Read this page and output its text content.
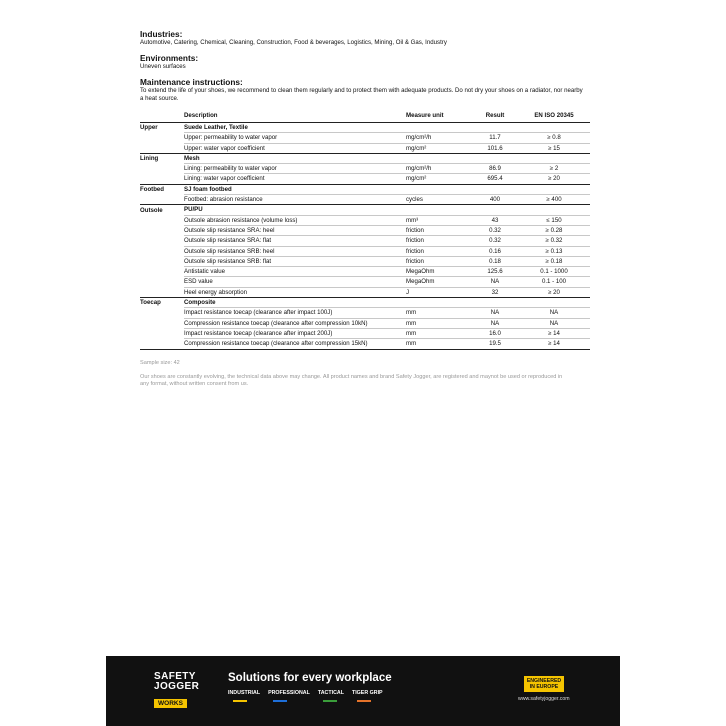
Industries:

Automotive, Catering, Chemical, Cleaning, Construction, Food & beverages, Logistics, Mining, Oil & Gas, Industry

Environments:

Uneven surfaces

Maintenance instructions:

To extend the life of your shoes, we recommend to clean them regularly and to protect them with adequate products. Do not dry your shoes on a radiator, nor nearby a heat source.

	Description	Measure unit	Result	EN ISO 20345
Upper	Suede Leather, Textile			
	Upper: permeability to water vapor	mg/cm²/h	11.7	≥ 0.8
	Upper: water vapor coefficient	mg/cm²	101.6	≥ 15
Lining	Mesh			
	Lining: permeability to water vapor	mg/cm²/h	86.9	≥ 2
	Lining: water vapor coefficient	mg/cm²	695.4	≥ 20
Footbed	SJ foam footbed			
	Footbed: abrasion resistance	cycles	400	≥ 400
Outsole	PU/PU			
	Outsole abrasion resistance (volume loss)	mm³	43	≤ 150
	Outsole slip resistance SRA: heel	friction	0.32	≥ 0.28
	Outsole slip resistance SRA: flat	friction	0.32	≥ 0.32
	Outsole slip resistance SRB: heel	friction	0.16	≥ 0.13
	Outsole slip resistance SRB: flat	friction	0.18	≥ 0.18
	Antistatic value	MegaOhm	125.6	0.1 - 1000
	ESD value	MegaOhm	NA	0.1 - 100
	Heel energy absorption	J	32	≥ 20
Toecap	Composite			
	Impact resistance toecap (clearance after impact 100J)	mm	NA	NA
	Compression resistance toecap (clearance after compression 10kN)	mm	NA	NA
	Impact resistance toecap (clearance after impact 200J)	mm	16.0	≥ 14
	Compression resistance toecap (clearance after compression 15kN)	mm	19.5	≥ 14
Sample size: 42
Our shoes are constantly evolving, the technical data above may change. All product names and brand Safety Jogger, are registered and maynot be used or reproduced in any format, without written consent from us.
SAFETY
JOGGER
WORKS
Solutions for every workplace
INDUSTRIAL PROFESSIONAL TACTICAL TIGER GRIP
ENGINEERED
IN EUROPE
www.safetyjogger.com
